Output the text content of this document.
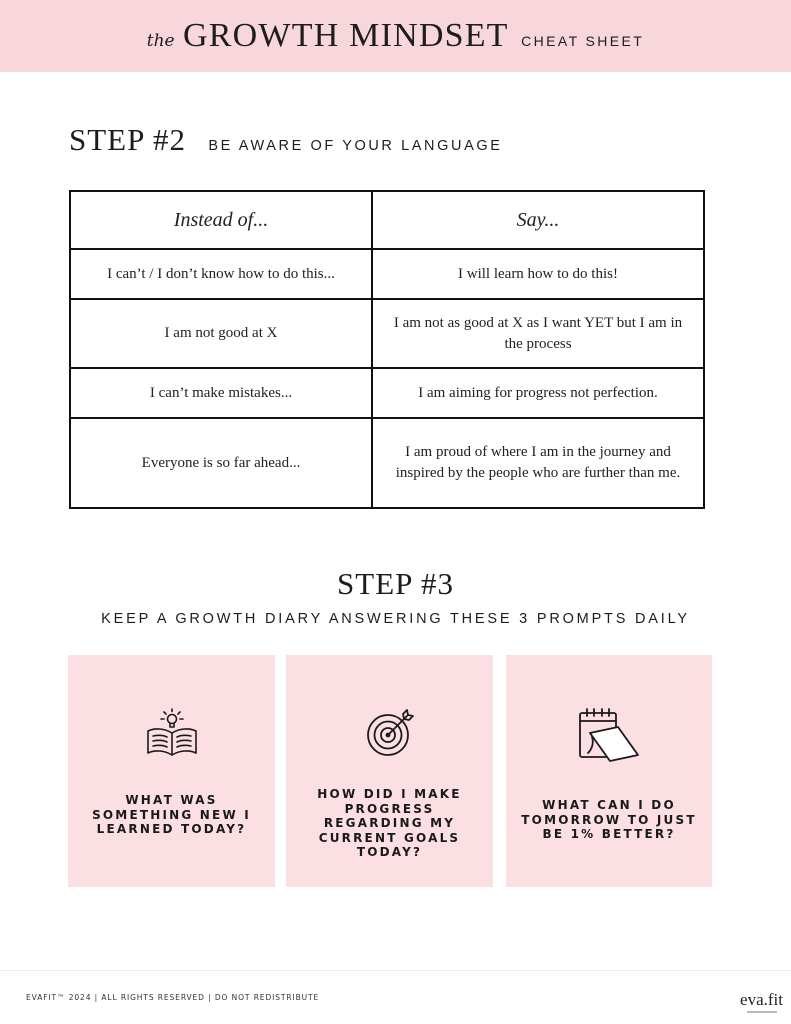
the GROWTH MINDSET CHEAT SHEET
STEP #2 BE AWARE OF YOUR LANGUAGE
Instead of...	Say...
I can’t / I don’t know how to do this...	I will learn how to do this!
I am not good at X	I am not as good at X as I want YET but I am in the process
I can’t make mistakes...	I am aiming for progress not perfection.
Everyone is so far ahead...	I am proud of where I am in the journey and inspired by the people who are further than me.
STEP #3
KEEP A GROWTH DIARY ANSWERING THESE 3 PROMPTS DAILY
WHAT WAS SOMETHING NEW I LEARNED TODAY?
HOW DID I MAKE PROGRESS REGARDING MY CURRENT GOALS TODAY?
WHAT CAN I DO TOMORROW TO JUST BE 1% BETTER?
EVAFIT™ 2024 | ALL RIGHTS RESERVED | DO NOT REDISTRIBUTE	eva.fit
